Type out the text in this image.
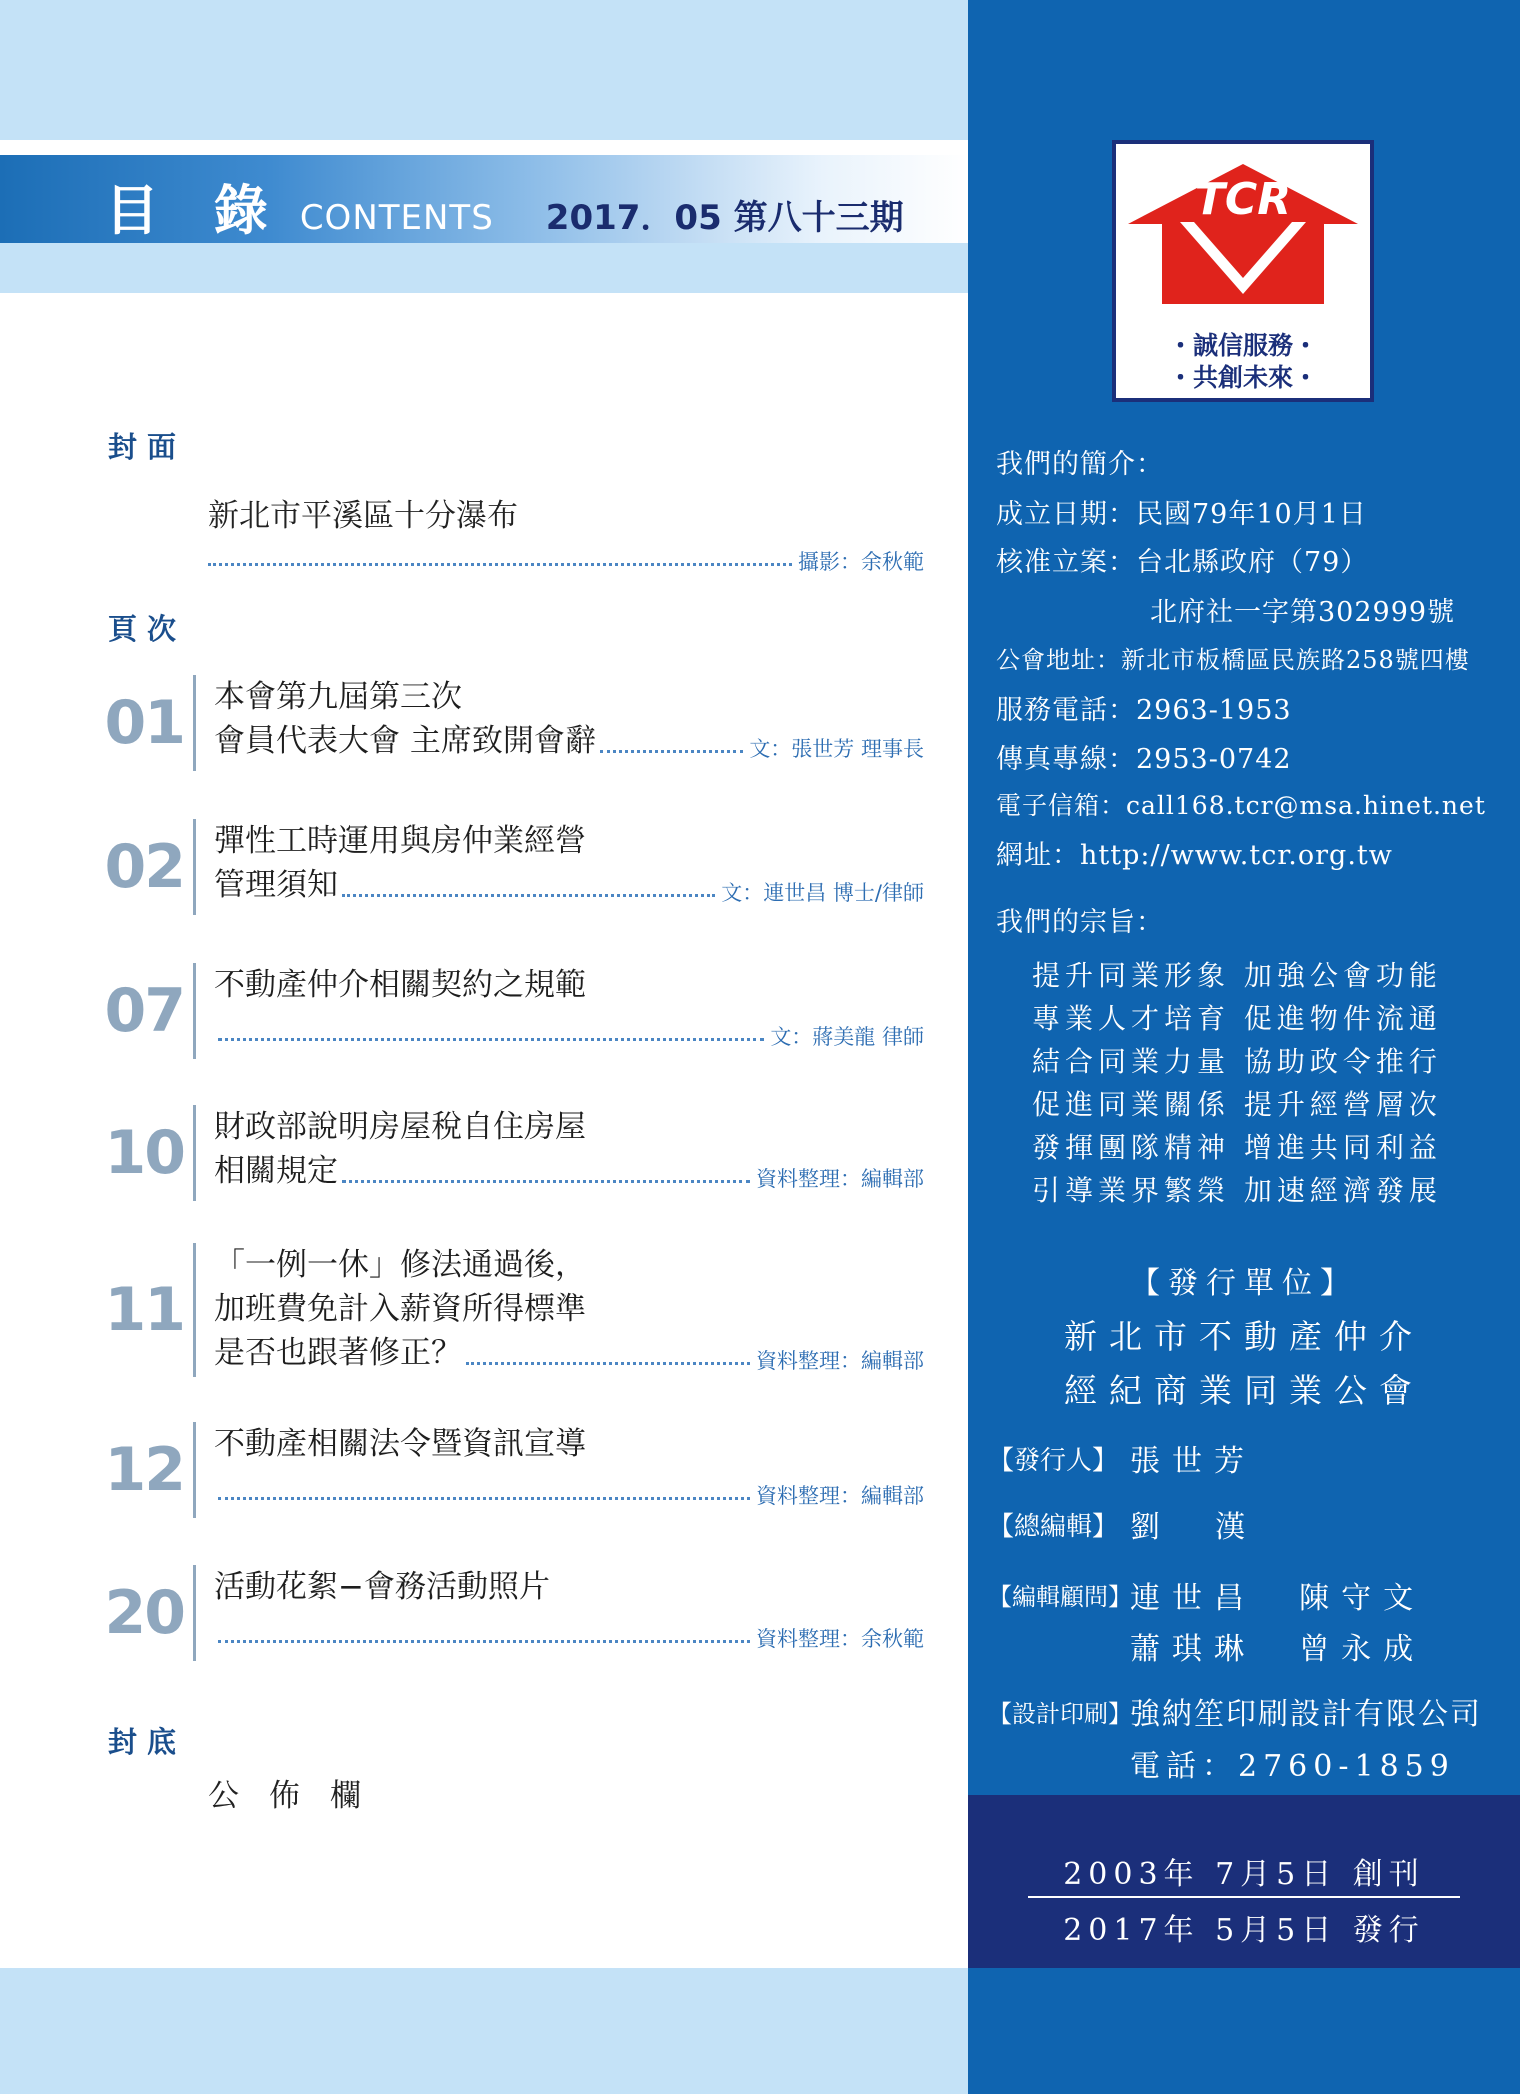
目 錄 CONTENTS 2017．05 第八十三期
封面
新北市平溪區十分瀑布
攝影：余秋範
頁次
01 本會第九屆第三次
會員代表大會 主席致開會辭	文：張世芳 理事長
02 彈性工時運用與房仲業經營
管理須知	文：連世昌 博士/律師
07 不動產仲介相關契約之規範
文：蔣美龍 律師
10 財政部說明房屋稅自住房屋
相關規定	資料整理：編輯部
11
「一例一休」修法通過後，
加班費免計入薪資所得標準
是否也跟著修正？	資料整理：編輯部
12 不動產相關法令暨資訊宣導
資料整理：編輯部
20 活動花絮−會務活動照片
資料整理：余秋範
封底
公佈欄
TCR
・誠信服務・
・共創未來・
我們的簡介：
成立日期：民國79年10月1日
核准立案：台北縣政府（79）
北府社一字第302999號
公會地址：新北市板橋區民族路258號四樓
服務電話：2963-1953
傳真專線：2953-0742
電子信箱：call168.tcr@msa.hinet.net
網址：http://www.tcr.org.tw
我們的宗旨：
提升同業形象 加強公會功能
專業人才培育 促進物件流通
結合同業力量 協助政令推行
促進同業關係 提升經營層次
發揮團隊精神 增進共同利益
引導業界繁榮 加速經濟發展
【發行單位】
新北市不動產仲介
經紀商業同業公會
【發行人】 張世芳
【總編輯】 劉  漢
【編輯顧問】
連世昌  陳守文
蕭琪琳  曾永成
【設計印刷】
強納笙印刷設計有限公司
電話：2760-1859
2003年 7月5日 創刊
2017年 5月5日 發行
